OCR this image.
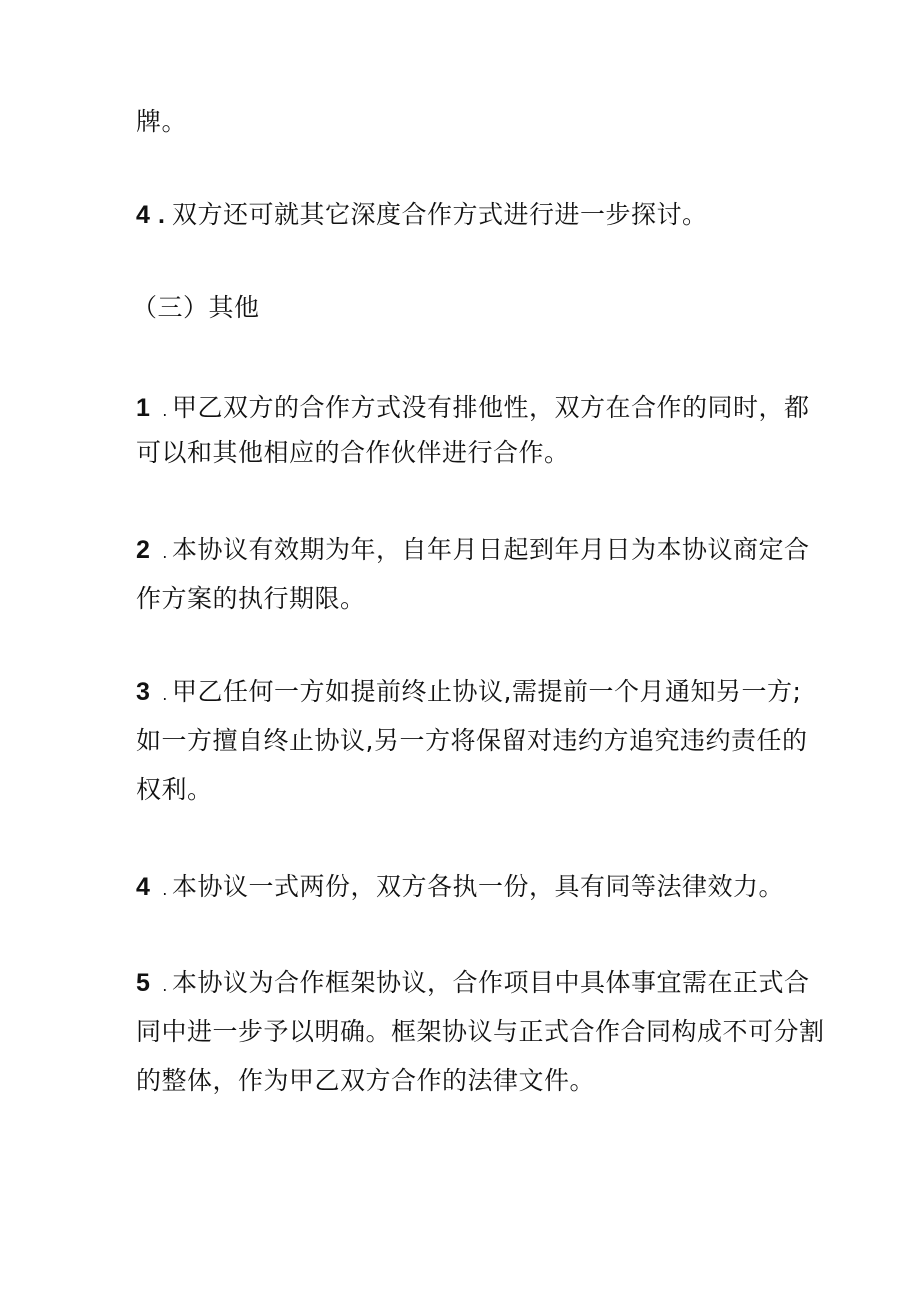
牌。
4 . 双方还可就其它深度合作方式进行进一步探讨。
（三）其他
1 . 甲乙双方的合作方式没有排他性，双方在合作的同时，都
可以和其他相应的合作伙伴进行合作。
2 . 本协议有效期为年，自年月日起到年月日为本协议商定合
作方案的执行期限。
3 . 甲乙任何一方如提前终止协议,需提前一个月通知另一方;
如一方擅自终止协议,另一方将保留对违约方追究违约责任的
权利。
4 . 本协议一式两份，双方各执一份，具有同等法律效力。
5 . 本协议为合作框架协议，合作项目中具体事宜需在正式合
同中进一步予以明确。框架协议与正式合作合同构成不可分割
的整体，作为甲乙双方合作的法律文件。
